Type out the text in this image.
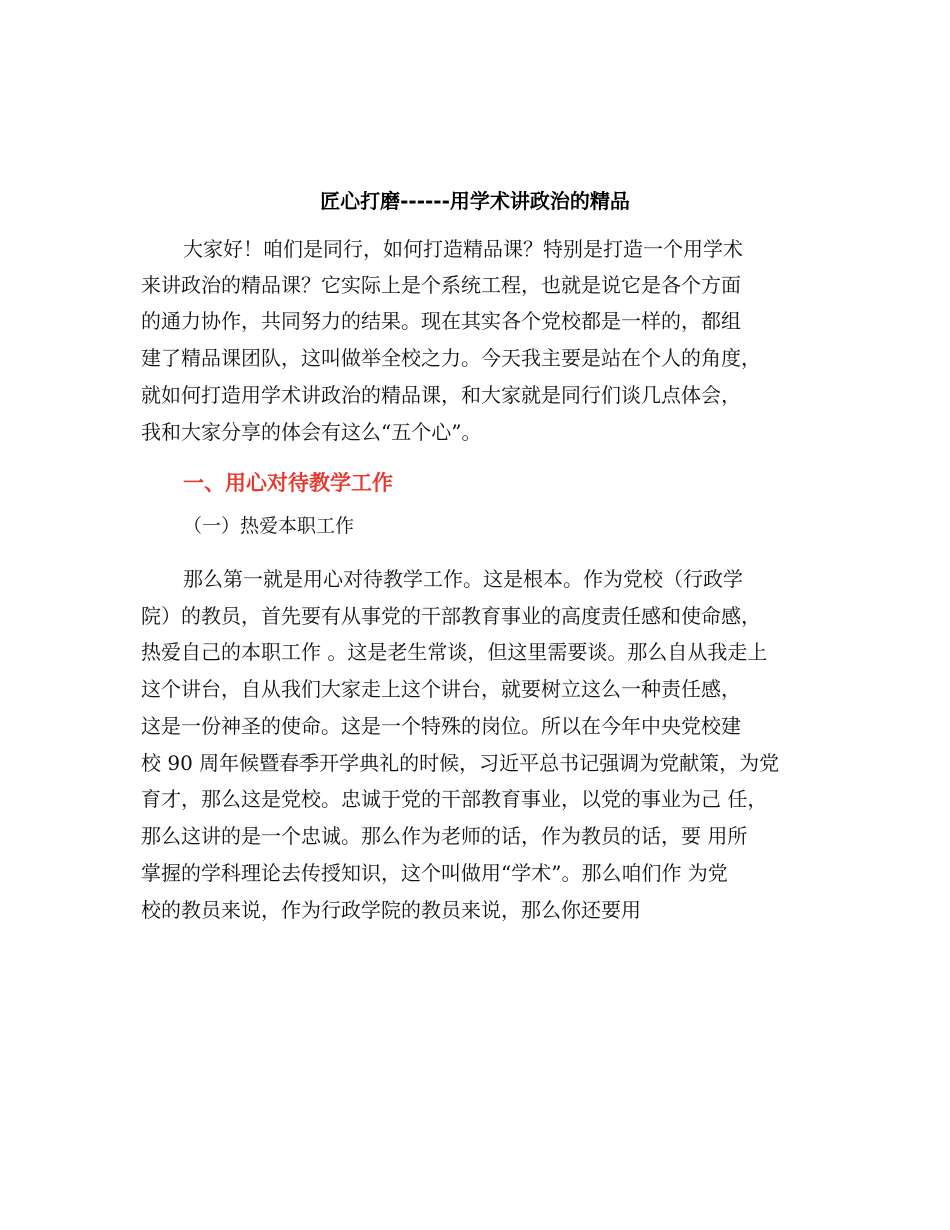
匠心打磨------用学术讲政治的精品
大家好！咱们是同行，如何打造精品课？特别是打造一个用学术
来讲政治的精品课？它实际上是个系统工程，也就是说它是各个方面
的通力协作，共同努力的结果。现在其实各个党校都是一样的，都组
建了精品课团队，这叫做举全校之力。今天我主要是站在个人的角度，
就如何打造用学术讲政治的精品课，和大家就是同行们谈几点体会，
我和大家分享的体会有这么“五个心”。
一、用心对待教学工作
（一）热爱本职工作
那么第一就是用心对待教学工作。这是根本。作为党校（行政学
院）的教员，首先要有从事党的干部教育事业的高度责任感和使命感，
热爱自己的本职工作 。这是老生常谈，但这里需要谈。那么自从我走上
这个讲台，自从我们大家走上这个讲台，就要树立这么一种责任感，
这是一份神圣的使命。这是一个特殊的岗位。所以在今年中央党校建
校 90 周年候暨春季开学典礼的时候，习近平总书记强调为党献策，为党
育才，那么这是党校。忠诚于党的干部教育事业，以党的事业为己 任，
那么这讲的是一个忠诚。那么作为老师的话，作为教员的话，要 用所
掌握的学科理论去传授知识，这个叫做用“学术”。那么咱们作 为党
校的教员来说，作为行政学院的教员来说，那么你还要用
